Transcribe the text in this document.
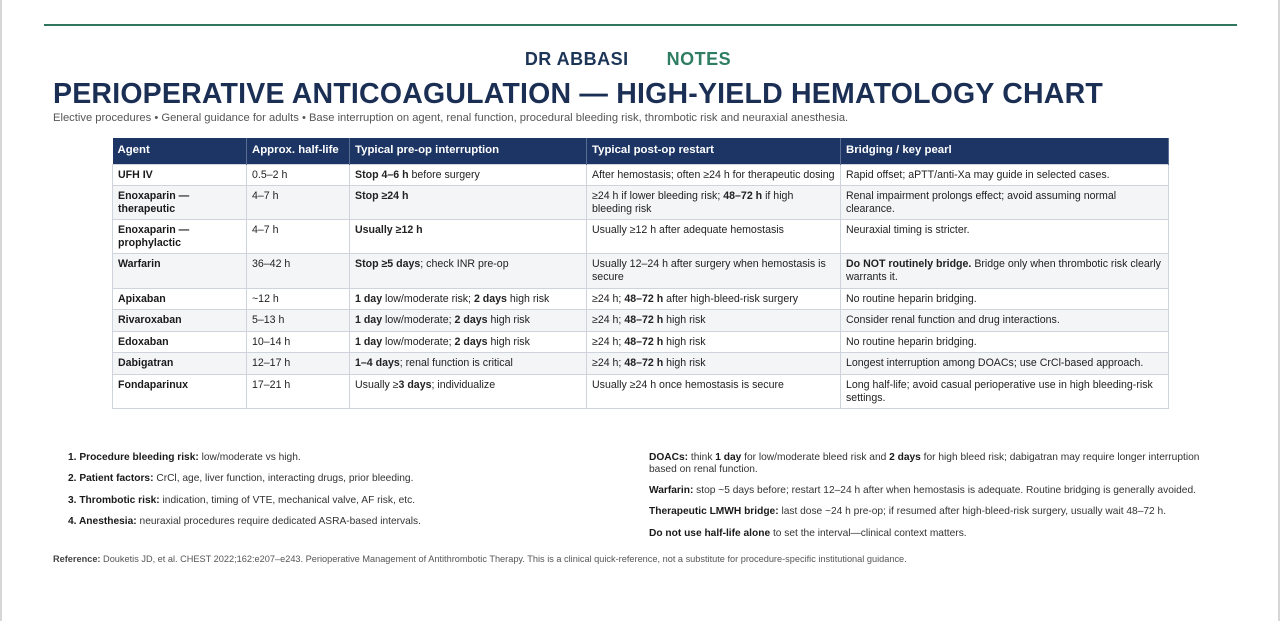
DR ABBASI NOTES
PERIOPERATIVE ANTICOAGULATION — HIGH-YIELD HEMATOLOGY CHART
Elective procedures • General guidance for adults • Base interruption on agent, renal function, procedural bleeding risk, thrombotic risk and neuraxial anesthesia.
Agent	Approx. half-life	Typical pre-op interruption	Typical post-op restart	Bridging / key pearl
UFH IV	0.5–2 h	Stop 4–6 h before surgery	After hemostasis; often ≥24 h for therapeutic dosing	Rapid offset; aPTT/anti-Xa may guide in selected cases.
Enoxaparin — therapeutic	4–7 h	Stop ≥24 h	≥24 h if lower bleeding risk; 48–72 h if high bleeding risk	Renal impairment prolongs effect; avoid assuming normal clearance.
Enoxaparin — prophylactic	4–7 h	Usually ≥12 h	Usually ≥12 h after adequate hemostasis	Neuraxial timing is stricter.
Warfarin	36–42 h	Stop ≥5 days; check INR pre-op	Usually 12–24 h after surgery when hemostasis is secure	Do NOT routinely bridge. Bridge only when thrombotic risk clearly warrants it.
Apixaban	~12 h	1 day low/moderate risk; 2 days high risk	≥24 h; 48–72 h after high-bleed-risk surgery	No routine heparin bridging.
Rivaroxaban	5–13 h	1 day low/moderate; 2 days high risk	≥24 h; 48–72 h high risk	Consider renal function and drug interactions.
Edoxaban	10–14 h	1 day low/moderate; 2 days high risk	≥24 h; 48–72 h high risk	No routine heparin bridging.
Dabigatran	12–17 h	1–4 days; renal function is critical	≥24 h; 48–72 h high risk	Longest interruption among DOACs; use CrCl-based approach.
Fondaparinux	17–21 h	Usually ≥3 days; individualize	Usually ≥24 h once hemostasis is secure	Long half-life; avoid casual perioperative use in high bleeding-risk settings.
1. Procedure bleeding risk: low/moderate vs high.
2. Patient factors: CrCl, age, liver function, interacting drugs, prior bleeding.
3. Thrombotic risk: indication, timing of VTE, mechanical valve, AF risk, etc.
4. Anesthesia: neuraxial procedures require dedicated ASRA-based intervals.
DOACs: think 1 day for low/moderate bleed risk and 2 days for high bleed risk; dabigatran may require longer interruption based on renal function.
Warfarin: stop ~5 days before; restart 12–24 h after when hemostasis is adequate. Routine bridging is generally avoided.
Therapeutic LMWH bridge: last dose ~24 h pre-op; if resumed after high-bleed-risk surgery, usually wait 48–72 h.
Do not use half-life alone to set the interval—clinical context matters.
Reference: Douketis JD, et al. CHEST 2022;162:e207–e243. Perioperative Management of Antithrombotic Therapy. This is a clinical quick-reference, not a substitute for procedure-specific institutional guidance.
